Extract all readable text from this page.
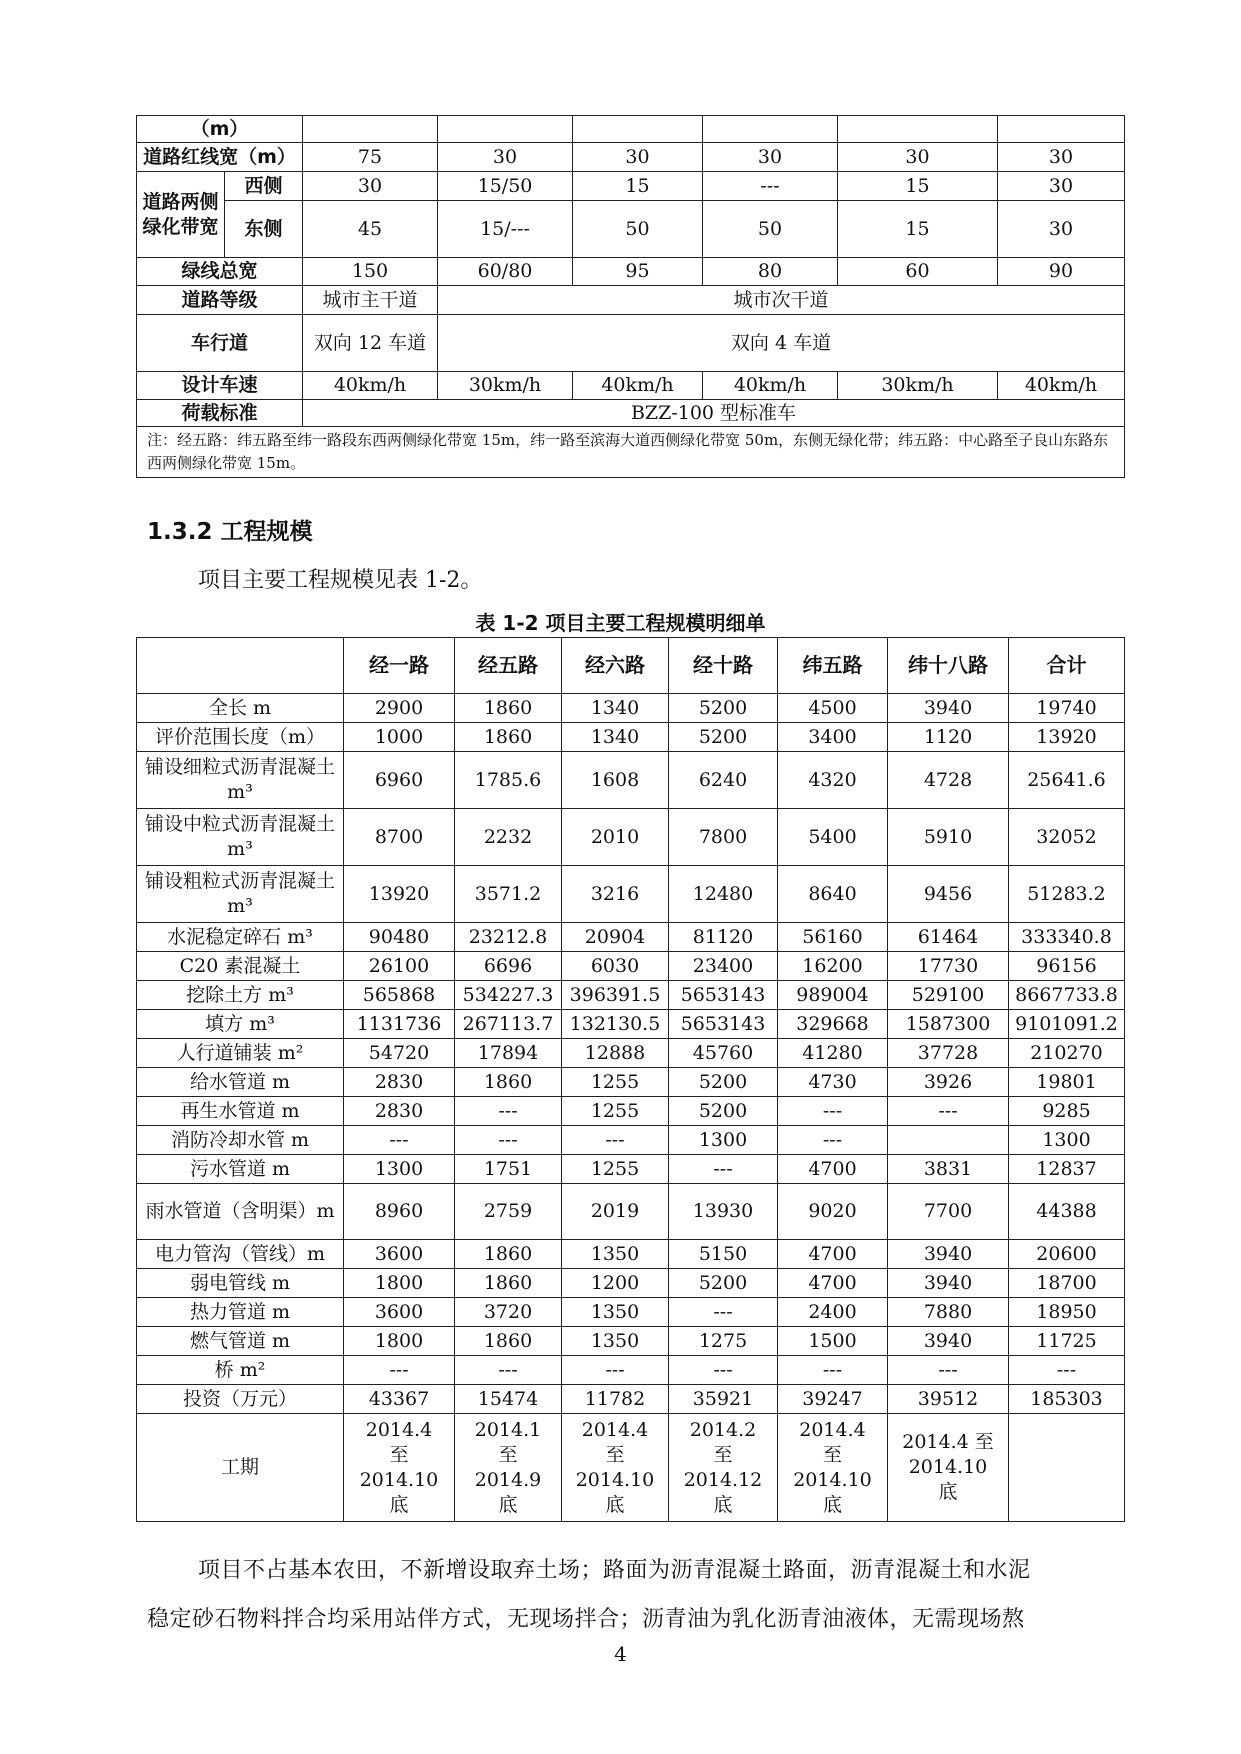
（m）							
道路红线宽（m）		75	30	30	30	30	30
道路两侧绿化带宽	西侧	30	15/50	15	---	15	30
	东侧	45	15/---	50	50	15	30
绿线总宽		150	60/80	95	80	60	90
道路等级		城市主干道	城市次干道				
车行道		双向 12 车道	双向 4 车道				
设计车速		40km/h	30km/h	40km/h	40km/h	30km/h	40km/h
荷载标准		BZZ-100 型标准车					
注：经五路：纬五路至纬一路段东西两侧绿化带宽 15m，纬一路至滨海大道西侧绿化带宽 50m，东侧无绿化带；纬五路：中心路至子良山东路东西两侧绿化带宽 15m。							
1.3.2 工程规模
项目主要工程规模见表 1-2。
表 1-2 项目主要工程规模明细单
	经一路	经五路	经六路	经十路	纬五路	纬十八路	合计
全长 m	2900	1860	1340	5200	4500	3940	19740
评价范围长度（m）	1000	1860	1340	5200	3400	1120	13920
铺设细粒式沥青混凝土 m³	6960	1785.6	1608	6240	4320	4728	25641.6
铺设中粒式沥青混凝土 m³	8700	2232	2010	7800	5400	5910	32052
铺设粗粒式沥青混凝土 m³	13920	3571.2	3216	12480	8640	9456	51283.2
水泥稳定碎石 m³	90480	23212.8	20904	81120	56160	61464	333340.8
C20 素混凝土	26100	6696	6030	23400	16200	17730	96156
挖除土方 m³	565868	534227.3	396391.5	5653143	989004	529100	8667733.8
填方 m³	1131736	267113.7	132130.5	5653143	329668	1587300	9101091.2
人行道铺装 m²	54720	17894	12888	45760	41280	37728	210270
给水管道 m	2830	1860	1255	5200	4730	3926	19801
再生水管道 m	2830	---	1255	5200	---	---	9285
消防冷却水管 m	---	---	---	1300	---		1300
污水管道 m	1300	1751	1255	---	4700	3831	12837
雨水管道（含明渠）m	8960	2759	2019	13930	9020	7700	44388
电力管沟（管线）m	3600	1860	1350	5150	4700	3940	20600
弱电管线 m	1800	1860	1200	5200	4700	3940	18700
热力管道 m	3600	3720	1350	---	2400	7880	18950
燃气管道 m	1800	1860	1350	1275	1500	3940	11725
桥 m²	---	---	---	---	---	---	---
投资（万元）	43367	15474	11782	35921	39247	39512	185303
工期	2014.4 至 2014.10 底	2014.1 至 2014.9 底	2014.4 至 2014.10 底	2014.2 至 2014.12 底	2014.4 至 2014.10 底	2014.4 至 2014.10 底	
项目不占基本农田，不新增设取弃土场；路面为沥青混凝土路面，沥青混凝土和水泥
稳定砂石物料拌合均采用站伴方式，无现场拌合；沥青油为乳化沥青油液体，无需现场熬
4
